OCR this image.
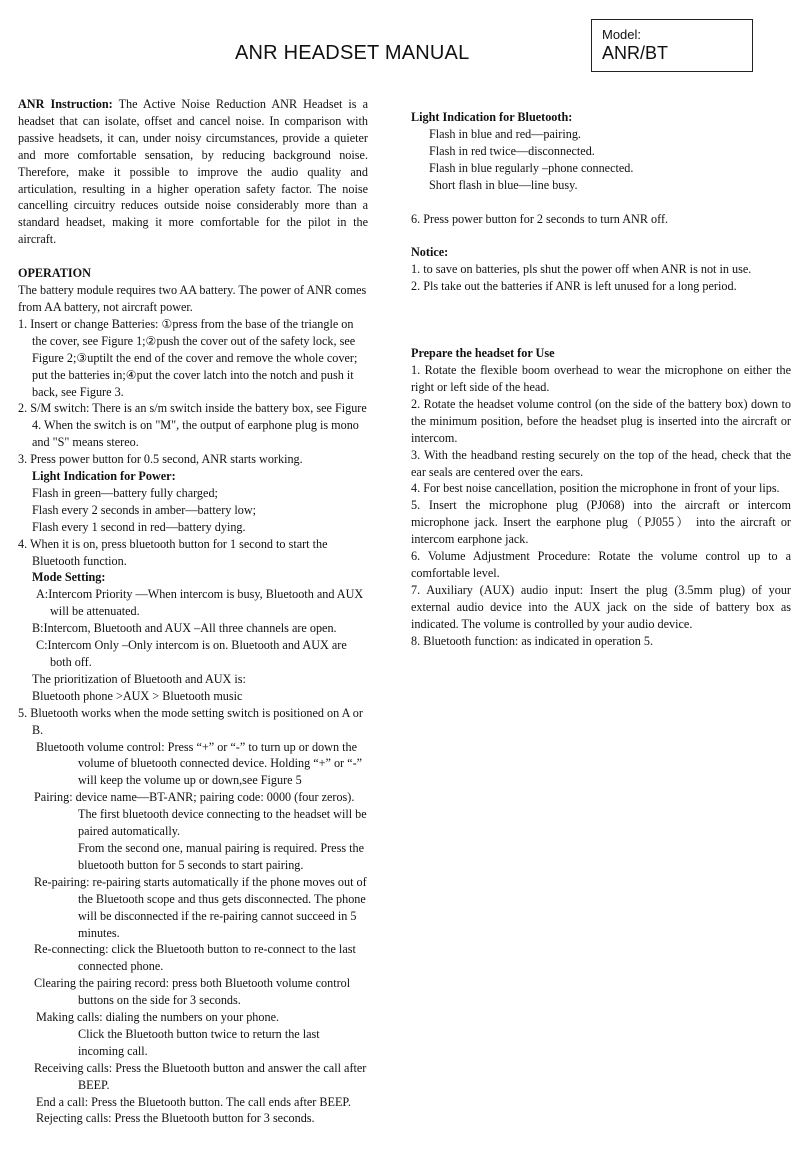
ANR HEADSET MANUAL
Model:
ANR/BT

ANR Instruction: The Active Noise Reduction ANR Headset is a headset that can isolate, offset and cancel noise. In comparison with passive headsets, it can, under noisy circumstances, provide a quieter and more comfortable sensation, by reducing background noise. Therefore, make it possible to improve the audio quality and articulation, resulting in a higher operation safety factor. The noise cancelling circuitry reduces outside noise considerably more than a standard headset, making it more comfortable for the pilot in the aircraft.

OPERATION

The battery module requires two AA battery. The power of ANR comes from AA battery, not aircraft power.

1. Insert or change Batteries: ①press from the base of the triangle on the cover, see Figure 1;②push the cover out of the safety lock, see Figure 2;③uptilt the end of the cover and remove the whole cover; put the batteries in;④put the cover latch into the notch and push it back, see Figure 3.

2. S/M switch: There is an s/m switch inside the battery box, see Figure 4. When the switch is on "M", the output of earphone plug is mono and "S" means stereo.

3. Press power button for 0.5 second, ANR starts working.

Light Indication for Power:

Flash in green—battery fully charged;

Flash every 2 seconds in amber—battery low;

Flash every 1 second in red—battery dying.

4. When it is on, press bluetooth button for 1 second to start the Bluetooth function.

Mode Setting:

A:Intercom Priority —When intercom is busy, Bluetooth and AUX will be attenuated.

B:Intercom, Bluetooth and AUX –All three channels are open.

C:Intercom Only –Only intercom is on. Bluetooth and AUX are both off.

The prioritization of Bluetooth and AUX is:

Bluetooth phone >AUX > Bluetooth music

5. Bluetooth works when the mode setting switch is positioned on A or B.

Bluetooth volume control: Press “+” or “-” to turn up or down the volume of bluetooth connected device. Holding “+” or “-” will keep the volume up or down,see Figure 5

Pairing: device name—BT-ANR; pairing code: 0000 (four zeros). The first bluetooth device connecting to the headset will be paired automatically.

From the second one, manual pairing is required. Press the bluetooth button for 5 seconds to start pairing.

Re-pairing: re-pairing starts automatically if the phone moves out of the Bluetooth scope and thus gets disconnected. The phone will be disconnected if the re-pairing cannot succeed in 5 minutes.

Re-connecting: click the Bluetooth button to re-connect to the last connected phone.

Clearing the pairing record: press both Bluetooth volume control buttons on the side for 3 seconds.

Making calls: dialing the numbers on your phone.

Click the Bluetooth button twice to return the last incoming call.

Receiving calls: Press the Bluetooth button and answer the call after BEEP.

End a call: Press the Bluetooth button. The call ends after BEEP.

Rejecting calls: Press the Bluetooth button for 3 seconds.

Light Indication for Bluetooth:

Flash in blue and red—pairing.

Flash in red twice—disconnected.

Flash in blue regularly –phone connected.

Short flash in blue—line busy.

6. Press power button for 2 seconds to turn ANR off.

Notice:

1. to save on batteries, pls shut the power off when ANR is not in use.

2. Pls take out the batteries if ANR is left unused for a long period.

Prepare the headset for Use

1. Rotate the flexible boom overhead to wear the microphone on either the right or left side of the head.

2. Rotate the headset volume control (on the side of the battery box) down to the minimum position, before the headset plug is inserted into the aircraft or intercom.

3. With the headband resting securely on the top of the head, check that the ear seals are centered over the ears.

4. For best noise cancellation, position the microphone in front of your lips.

5. Insert the microphone plug (PJ068) into the aircraft or intercom microphone jack. Insert the earphone plug（PJ055） into the aircraft or intercom earphone jack.

6. Volume Adjustment Procedure: Rotate the volume control up to a comfortable level.

7. Auxiliary (AUX) audio input: Insert the plug (3.5mm plug) of your external audio device into the AUX jack on the side of battery box as indicated. The volume is controlled by your audio device.

8. Bluetooth function: as indicated in operation 5.
